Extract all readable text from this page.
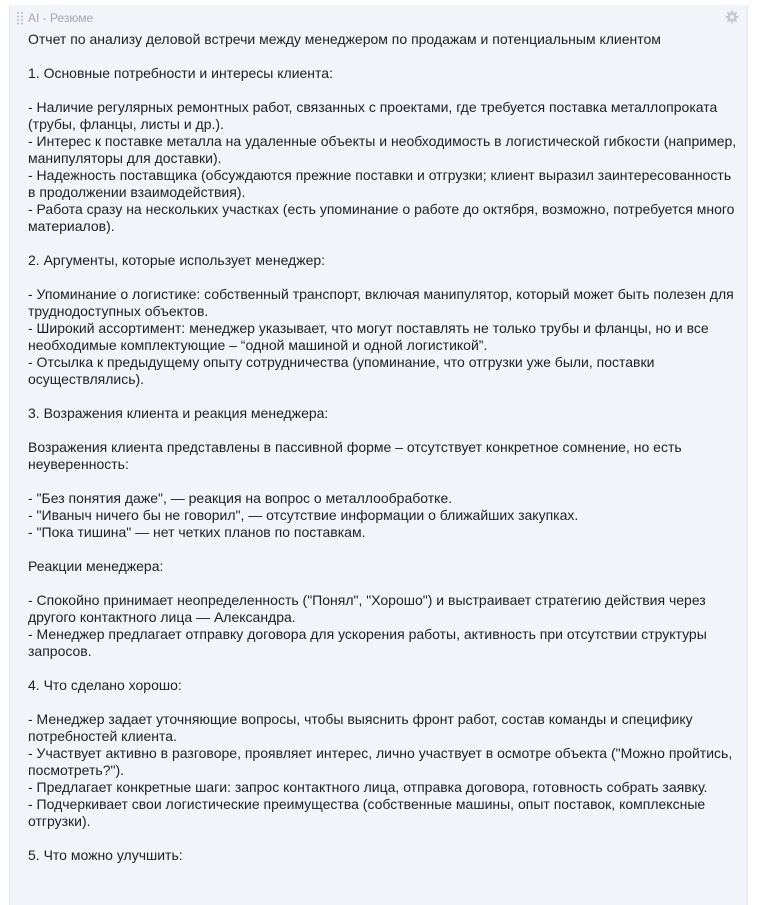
AI - Резюме

Отчет по анализу деловой встречи между менеджером по продажам и потенциальным клиентом

1. Основные потребности и интересы клиента:

- Наличие регулярных ремонтных работ, связанных с проектами, где требуется поставка металлопроката (трубы, фланцы, листы и др.).

- Интерес к поставке металла на удаленные объекты и необходимость в логистической гибкости (например, манипуляторы для доставки).

- Надежность поставщика (обсуждаются прежние поставки и отгрузки; клиент выразил заинтересованность в продолжении взаимодействия).

- Работа сразу на нескольких участках (есть упоминание о работе до октября, возможно, потребуется много материалов).

2. Аргументы, которые использует менеджер:

- Упоминание о логистике: собственный транспорт, включая манипулятор, который может быть полезен для труднодоступных объектов.

- Широкий ассортимент: менеджер указывает, что могут поставлять не только трубы и фланцы, но и все необходимые комплектующие – “одной машиной и одной логистикой”.

- Отсылка к предыдущему опыту сотрудничества (упоминание, что отгрузки уже были, поставки осуществлялись).

3. Возражения клиента и реакция менеджера:

Возражения клиента представлены в пассивной форме – отсутствует конкретное сомнение, но есть неуверенность:

- "Без понятия даже", — реакция на вопрос о металлообработке.

- "Иваныч ничего бы не говорил", — отсутствие информации о ближайших закупках.

- "Пока тишина" — нет четких планов по поставкам.

Реакции менеджера:

- Спокойно принимает неопределенность ("Понял", "Хорошо") и выстраивает стратегию действия через другого контактного лица — Александра.

- Менеджер предлагает отправку договора для ускорения работы, активность при отсутствии структуры запросов.

4. Что сделано хорошо:

- Менеджер задает уточняющие вопросы, чтобы выяснить фронт работ, состав команды и специфику потребностей клиента.

- Участвует активно в разговоре, проявляет интерес, лично участвует в осмотре объекта ("Можно пройтись, посмотреть?").

- Предлагает конкретные шаги: запрос контактного лица, отправка договора, готовность собрать заявку.

- Подчеркивает свои логистические преимущества (собственные машины, опыт поставок, комплексные отгрузки).

5. Что можно улучшить:
